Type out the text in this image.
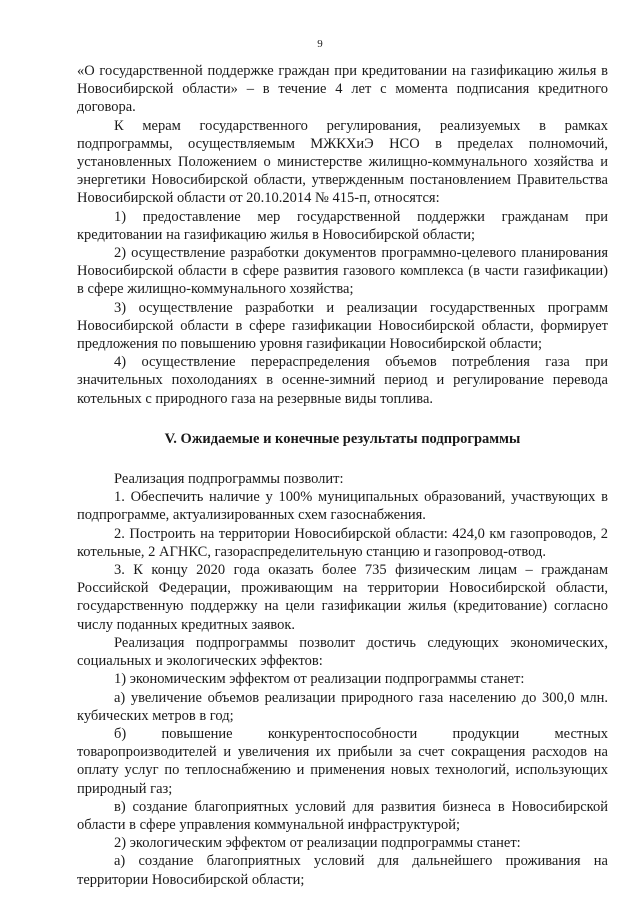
9

«О государственной поддержке граждан при кредитовании на газификацию жилья в Новосибирской области» – в течение 4 лет с момента подписания кредитного договора.

К мерам государственного регулирования, реализуемых в рамках подпрограммы, осуществляемым МЖКХиЭ НСО в пределах полномочий, установленных Положением о министерстве жилищно-коммунального хозяйства и энергетики Новосибирской области, утвержденным постановлением Правительства Новосибирской области от 20.10.2014 № 415-п, относятся:

1) предоставление мер государственной поддержки гражданам при кредитовании на газификацию жилья в Новосибирской области;

2) осуществление разработки документов программно-целевого планирования Новосибирской области в сфере развития газового комплекса (в части газификации) в сфере жилищно-коммунального хозяйства;

3) осуществление разработки и реализации государственных программ Новосибирской области в сфере газификации Новосибирской области, формирует предложения по повышению уровня газификации Новосибирской области;

4) осуществление перераспределения объемов потребления газа при значительных похолоданиях в осенне-зимний период и регулирование перевода котельных с природного газа на резервные виды топлива.

V. Ожидаемые и конечные результаты подпрограммы

Реализация подпрограммы позволит:

1. Обеспечить наличие у 100% муниципальных образований, участвующих в подпрограмме, актуализированных схем газоснабжения.

2. Построить на территории Новосибирской области: 424,0 км газопроводов, 2 котельные, 2 АГНКС, газораспределительную станцию и газопровод-отвод.

3. К концу 2020 года оказать более 735 физическим лицам – гражданам Российской Федерации, проживающим на территории Новосибирской области, государственную поддержку на цели газификации жилья (кредитование) согласно числу поданных кредитных заявок.

Реализация подпрограммы позволит достичь следующих экономических, социальных и экологических эффектов:

1) экономическим эффектом от реализации подпрограммы станет:

а) увеличение объемов реализации природного газа населению до 300,0 млн. кубических метров в год;

б) повышение конкурентоспособности продукции местных товаропроизводителей и увеличения их прибыли за счет сокращения расходов на оплату услуг по теплоснабжению и применения новых технологий, использующих природный газ;

в) создание благоприятных условий для развития бизнеса в Новосибирской области в сфере управления коммунальной инфраструктурой;

2) экологическим эффектом от реализации подпрограммы станет:

а) создание благоприятных условий для дальнейшего проживания на территории Новосибирской области;
